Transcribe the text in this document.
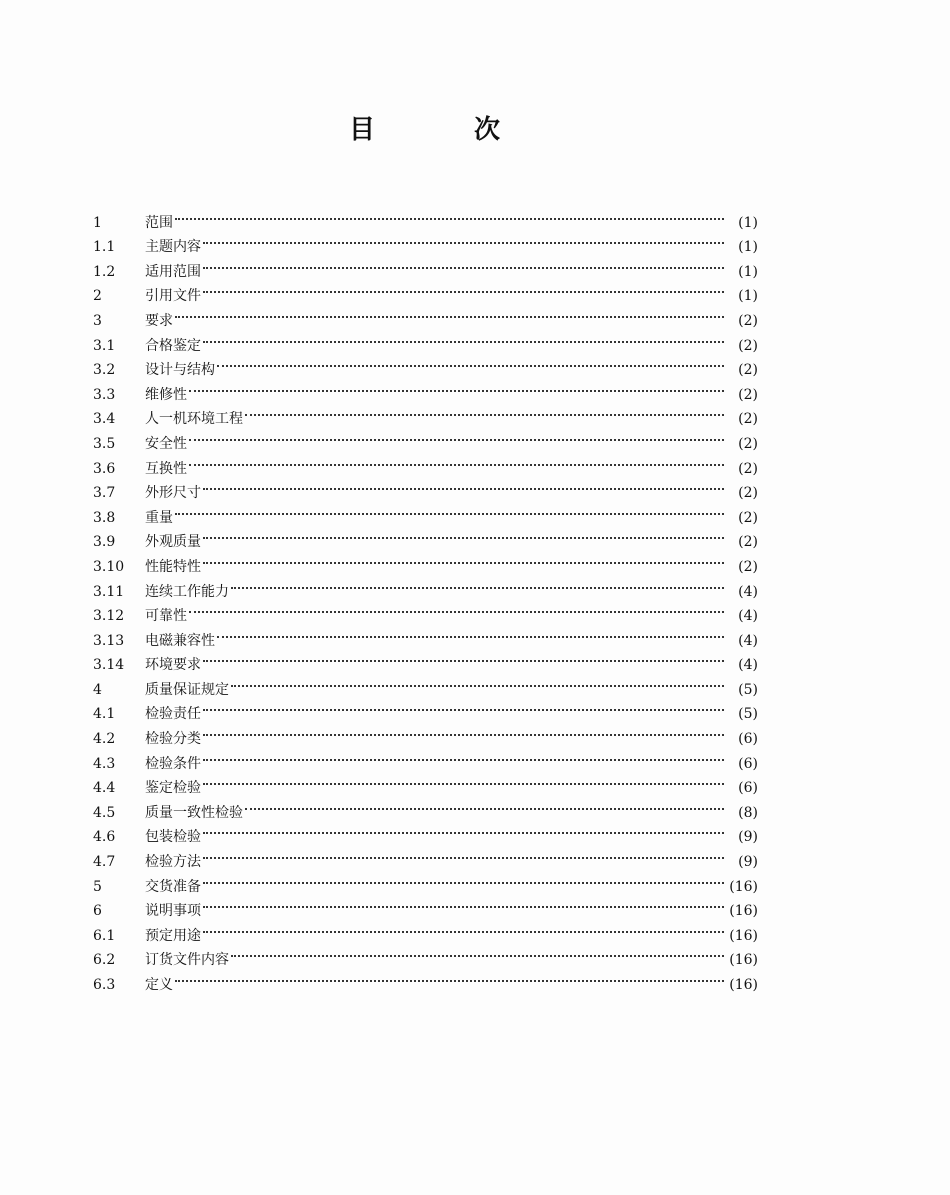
目	次
1	范围	(1)
1.1	主题内容	(1)
1.2	适用范围	(1)
2	引用文件	(1)
3	要求	(2)
3.1	合格鉴定	(2)
3.2	设计与结构	(2)
3.3	维修性	(2)
3.4	人一机环境工程	(2)
3.5	安全性	(2)
3.6	互换性	(2)
3.7	外形尺寸	(2)
3.8	重量	(2)
3.9	外观质量	(2)
3.10	性能特性	(2)
3.11	连续工作能力	(4)
3.12	可靠性	(4)
3.13	电磁兼容性	(4)
3.14	环境要求	(4)
4	质量保证规定	(5)
4.1	检验责任	(5)
4.2	检验分类	(6)
4.3	检验条件	(6)
4.4	鉴定检验	(6)
4.5	质量一致性检验	(8)
4.6	包装检验	(9)
4.7	检验方法	(9)
5	交货准备	(16)
6	说明事项	(16)
6.1	预定用途	(16)
6.2	订货文件内容	(16)
6.3	定义	(16)
